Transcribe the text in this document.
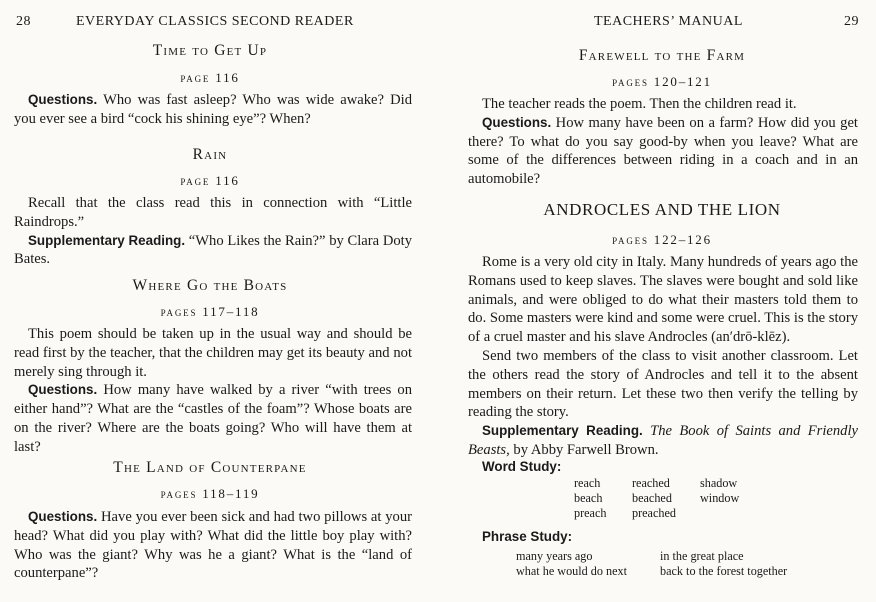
28	EVERYDAY CLASSICS SECOND READER

Time to Get Up

page 116

Questions. Who was fast asleep? Who was wide awake? Did you ever see a bird “cock his shining eye”? When?

Rain

page 116

Recall that the class read this in connection with “Little Raindrops.”

Supplementary Reading. “Who Likes the Rain?” by Clara Doty Bates.

Where Go the Boats

pages 117–118

This poem should be taken up in the usual way and should be read first by the teacher, that the children may get its beauty and not merely sing through it.

Questions. How many have walked by a river “with trees on either hand”? What are the “castles of the foam”? Whose boats are on the river? Where are the boats going? Who will have them at last?

The Land of Counterpane

pages 118–119

Questions. Have you ever been sick and had two pillows at your head? What did you play with? What did the little boy play with? Who was the giant? Why was he a giant? What is the “land of counterpane”?

TEACHERS’ MANUAL	29

Farewell to the Farm

pages 120–121

The teacher reads the poem. Then the children read it.

Questions. How many have been on a farm? How did you get there? To what do you say good-by when you leave? What are some of the differences between riding in a coach and in an automobile?

ANDROCLES AND THE LION

pages 122–126

Rome is a very old city in Italy. Many hundreds of years ago the Romans used to keep slaves. The slaves were bought and sold like animals, and were obliged to do what their masters told them to do. Some masters were kind and some were cruel. This is the story of a cruel master and his slave Androcles (an′drō-klēz).

Send two members of the class to visit another classroom. Let the others read the story of Androcles and tell it to the absent members on their return. Let these two then verify the telling by reading the story.

Supplementary Reading. The Book of Saints and Friendly Beasts, by Abby Farwell Brown.

Word Study:
reach
beach
preach
reached
beached
preached
shadow
window
Phrase Study:
many years ago
what he would do next
in the great place
back to the forest together
